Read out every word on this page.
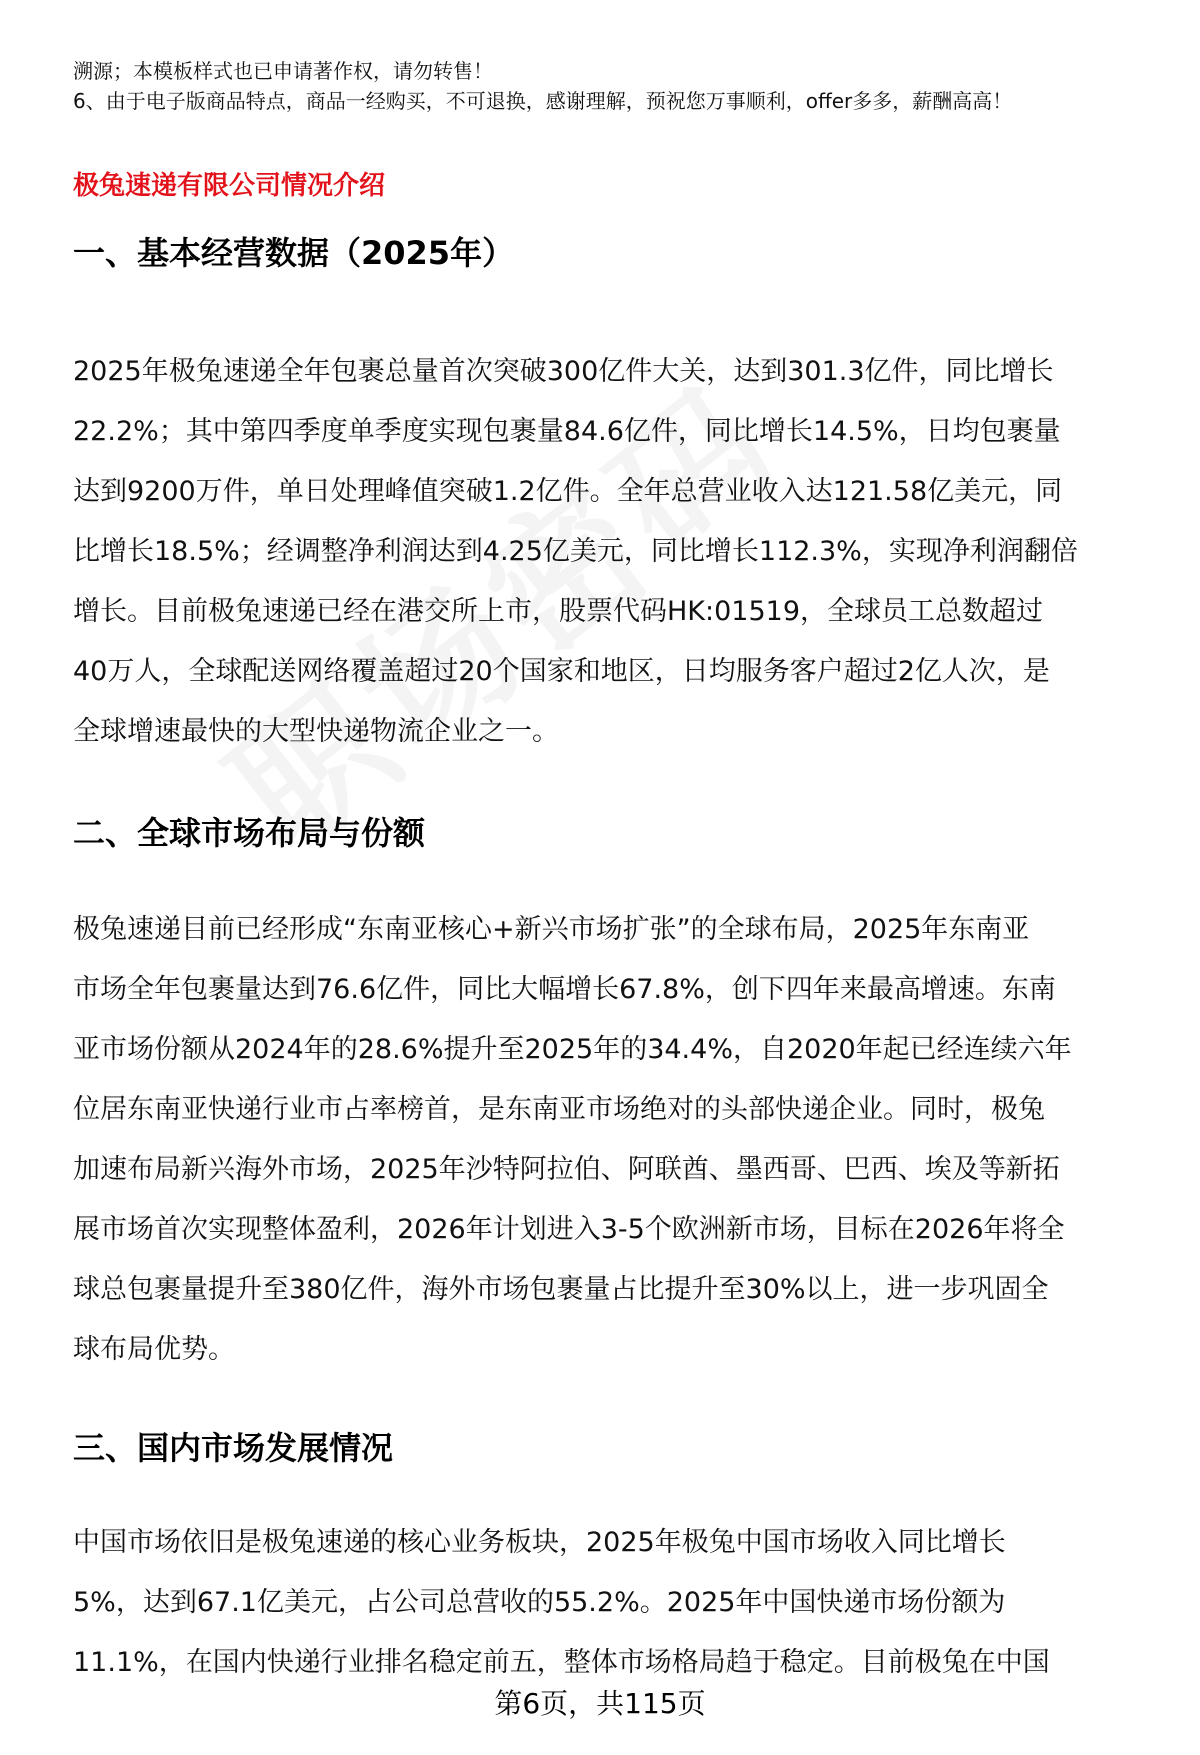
溯源；本模板样式也已申请著作权，请勿转售！
6、由于电子版商品特点，商品一经购买，不可退换，感谢理解，预祝您万事顺利，offer多多，薪酬高高！
极兔速递有限公司情况介绍
一、基本经营数据（2025年）
2025年极兔速递全年包裹总量首次突破300亿件大关，达到301.3亿件，同比增长
22.2%；其中第四季度单季度实现包裹量84.6亿件，同比增长14.5%，日均包裹量
达到9200万件，单日处理峰值突破1.2亿件。全年总营业收入达121.58亿美元，同
比增长18.5%；经调整净利润达到4.25亿美元，同比增长112.3%，实现净利润翻倍
增长。目前极兔速递已经在港交所上市，股票代码HK:01519，全球员工总数超过
40万人，全球配送网络覆盖超过20个国家和地区，日均服务客户超过2亿人次，是
全球增速最快的大型快递物流企业之一。
二、全球市场布局与份额
极兔速递目前已经形成“东南亚核心+新兴市场扩张”的全球布局，2025年东南亚
市场全年包裹量达到76.6亿件，同比大幅增长67.8%，创下四年来最高增速。东南
亚市场份额从2024年的28.6%提升至2025年的34.4%，自2020年起已经连续六年
位居东南亚快递行业市占率榜首，是东南亚市场绝对的头部快递企业。同时，极兔
加速布局新兴海外市场，2025年沙特阿拉伯、阿联酋、墨西哥、巴西、埃及等新拓
展市场首次实现整体盈利，2026年计划进入3-5个欧洲新市场，目标在2026年将全
球总包裹量提升至380亿件，海外市场包裹量占比提升至30%以上，进一步巩固全
球布局优势。
三、国内市场发展情况
中国市场依旧是极兔速递的核心业务板块，2025年极兔中国市场收入同比增长
5%，达到67.1亿美元，占公司总营收的55.2%。2025年中国快递市场份额为
11.1%，在国内快递行业排名稳定前五，整体市场格局趋于稳定。目前极兔在中国
第6页，共115页
